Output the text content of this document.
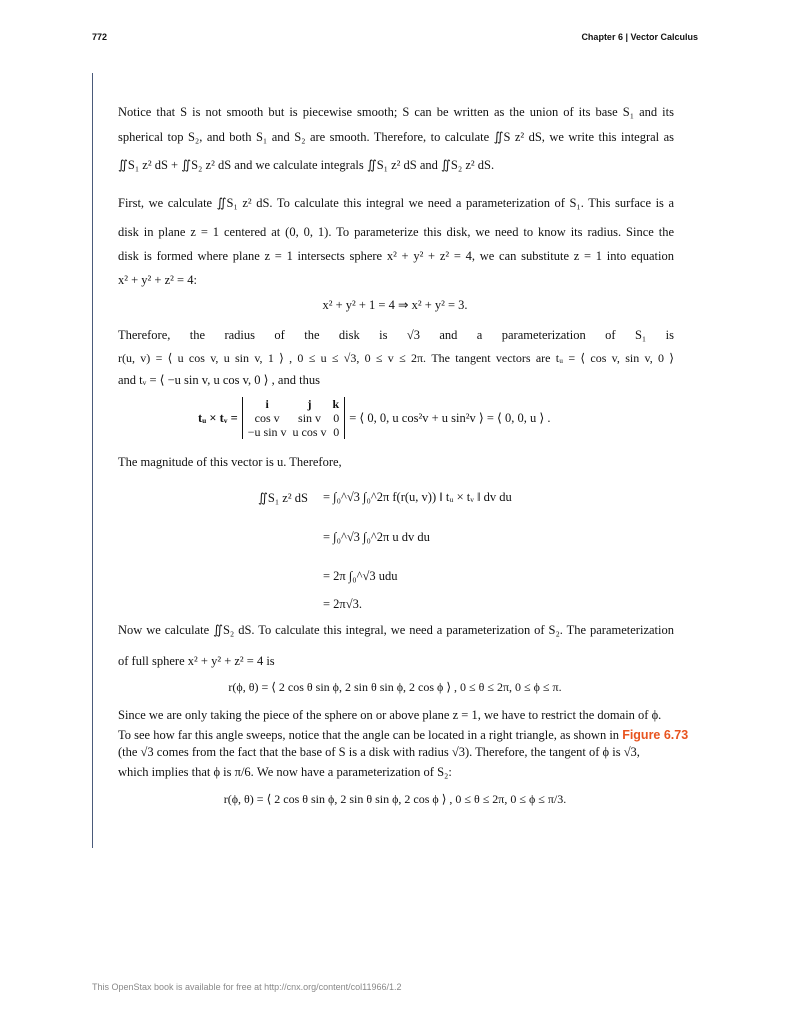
772	Chapter 6 | Vector Calculus
Notice that S is not smooth but is piecewise smooth; S can be written as the union of its base S₁ and its
spherical top S₂, and both S₁ and S₂ are smooth. Therefore, to calculate ∬S z² dS, we write this integral as
∬S₁ z² dS + ∬S₂ z² dS and we calculate integrals ∬S₁ z² dS and ∬S₂ z² dS.
First, we calculate ∬S₁ z² dS. To calculate this integral we need a parameterization of S₁. This surface is a
disk in plane z = 1 centered at (0, 0, 1). To parameterize this disk, we need to know its radius. Since the
disk is formed where plane z = 1 intersects sphere x² + y² + z² = 4, we can substitute z = 1 into equation
x² + y² + z² = 4:
x² + y² + 1 = 4 ⇒ x² + y² = 3.
Therefore, the radius of the disk is √3 and a parameterization of S₁ is
r(u, v) = ⟨ u cos v, u sin v, 1 ⟩ , 0 ≤ u ≤ √3, 0 ≤ v ≤ 2π. The tangent vectors are tᵤ = ⟨ cos v, sin v, 0 ⟩
and tᵥ = ⟨ −u sin v, u cos v, 0 ⟩ , and thus
tᵤ × tᵥ =
i	j	k
cos v	sin v	0
−u sin v	u cos v	0
= ⟨ 0, 0, u cos²v + u sin²v ⟩ = ⟨ 0, 0, u ⟩ .
The magnitude of this vector is u. Therefore,
∬S₁ z² dS = ∫₀^√3 ∫₀^2π f(r(u, v)) ‖ tᵤ × tᵥ ‖ dv du
= ∫₀^√3 ∫₀^2π u dv du
= 2π ∫₀^√3 udu
= 2π√3.
Now we calculate ∬S₂ dS. To calculate this integral, we need a parameterization of S₂. The parameterization
of full sphere x² + y² + z² = 4 is
r(ϕ, θ) = ⟨ 2 cos θ sin ϕ, 2 sin θ sin ϕ, 2 cos ϕ ⟩ , 0 ≤ θ ≤ 2π, 0 ≤ ϕ ≤ π.
Since we are only taking the piece of the sphere on or above plane z = 1, we have to restrict the domain of ϕ.
To see how far this angle sweeps, notice that the angle can be located in a right triangle, as shown in Figure 6.73
(the √3 comes from the fact that the base of S is a disk with radius √3). Therefore, the tangent of ϕ is √3,
which implies that ϕ is π/6. We now have a parameterization of S₂:
r(ϕ, θ) = ⟨ 2 cos θ sin ϕ, 2 sin θ sin ϕ, 2 cos ϕ ⟩ , 0 ≤ θ ≤ 2π, 0 ≤ ϕ ≤ π/3.
This OpenStax book is available for free at http://cnx.org/content/col11966/1.2
